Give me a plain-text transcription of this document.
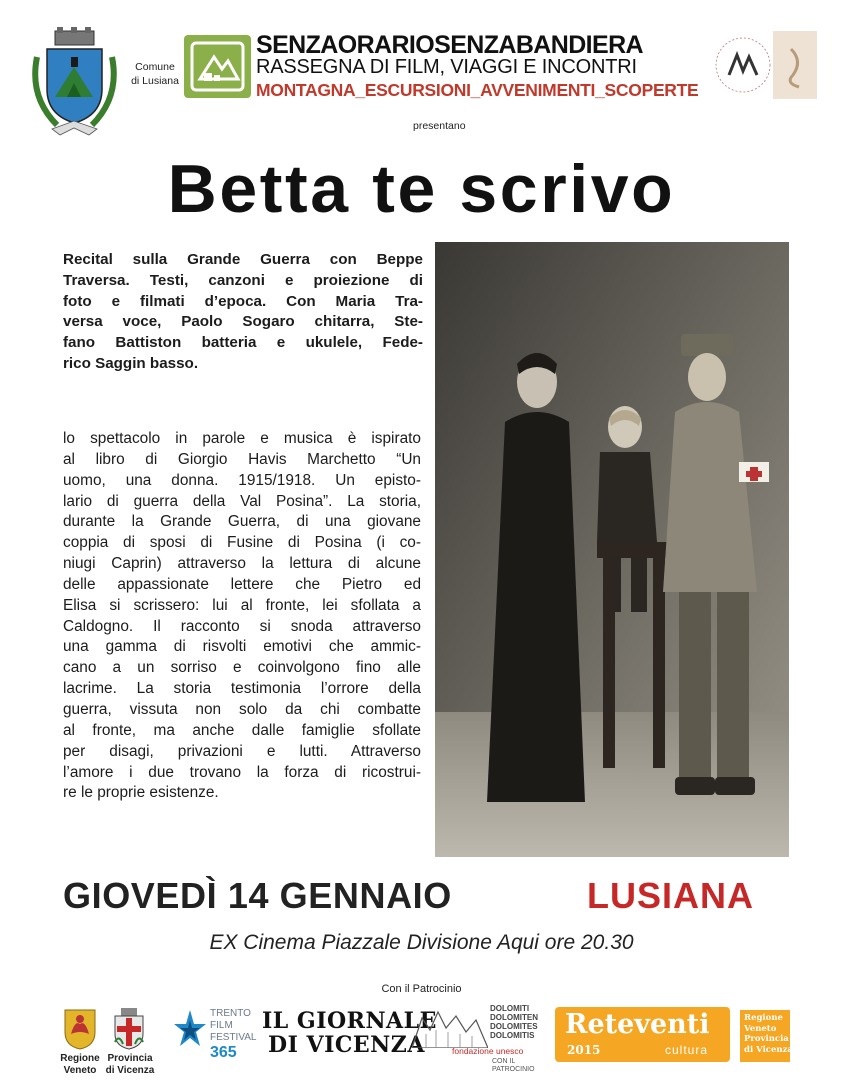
Comune
di Lusiana
SENZAORARIOSENZABANDIERA
RASSEGNA DI FILM, VIAGGI E INCONTRI
MONTAGNA_ESCURSIONI_AVVENIMENTI_SCOPERTE
presentano
Betta te scrivo
Recital sulla Grande Guerra con Beppe
Traversa. Testi, canzoni e proiezione di
foto e filmati d’epoca. Con Maria Tra-
versa voce, Paolo Sogaro chitarra, Ste-
fano Battiston batteria e ukulele, Fede-
rico Saggin basso.
lo spettacolo in parole e musica è ispirato
al libro di Giorgio Havis Marchetto “Un
uomo, una donna. 1915/1918. Un episto-
lario di guerra della Val Posina”. La storia,
durante la Grande Guerra, di una giovane
coppia di sposi di Fusine di Posina (i co-
niugi Caprin) attraverso la lettura di alcune
delle appassionate lettere che Pietro ed
Elisa si scrissero: lui al fronte, lei sfollata a
Caldogno. Il racconto si snoda attraverso
una gamma di risvolti emotivi che ammic-
cano a un sorriso e coinvolgono fino alle
lacrime. La storia testimonia l’orrore della
guerra, vissuta non solo da chi combatte
al fronte, ma anche dalle famiglie sfollate
per disagi, privazioni e lutti. Attraverso
l’amore i due trovano la forza di ricostrui-
re le proprie esistenze.
GIOVEDÌ 14 GENNAIO	LUSIANA
EX Cinema Piazzale Divisione Aqui ore 20.30
Con il Patrocinio
Regione
Veneto
Provincia
di Vicenza
TRENTO
FILM
FESTIVAL
365
IL GIORNALE
DI VICENZA
DOLOMITI
DOLOMITEN
DOLOMITES
DOLOMITIS
fondazione unesco
CON IL
PATROCINIO
Reteventi
2015	cultura
Regione
Veneto
Provincia
di Vicenza
